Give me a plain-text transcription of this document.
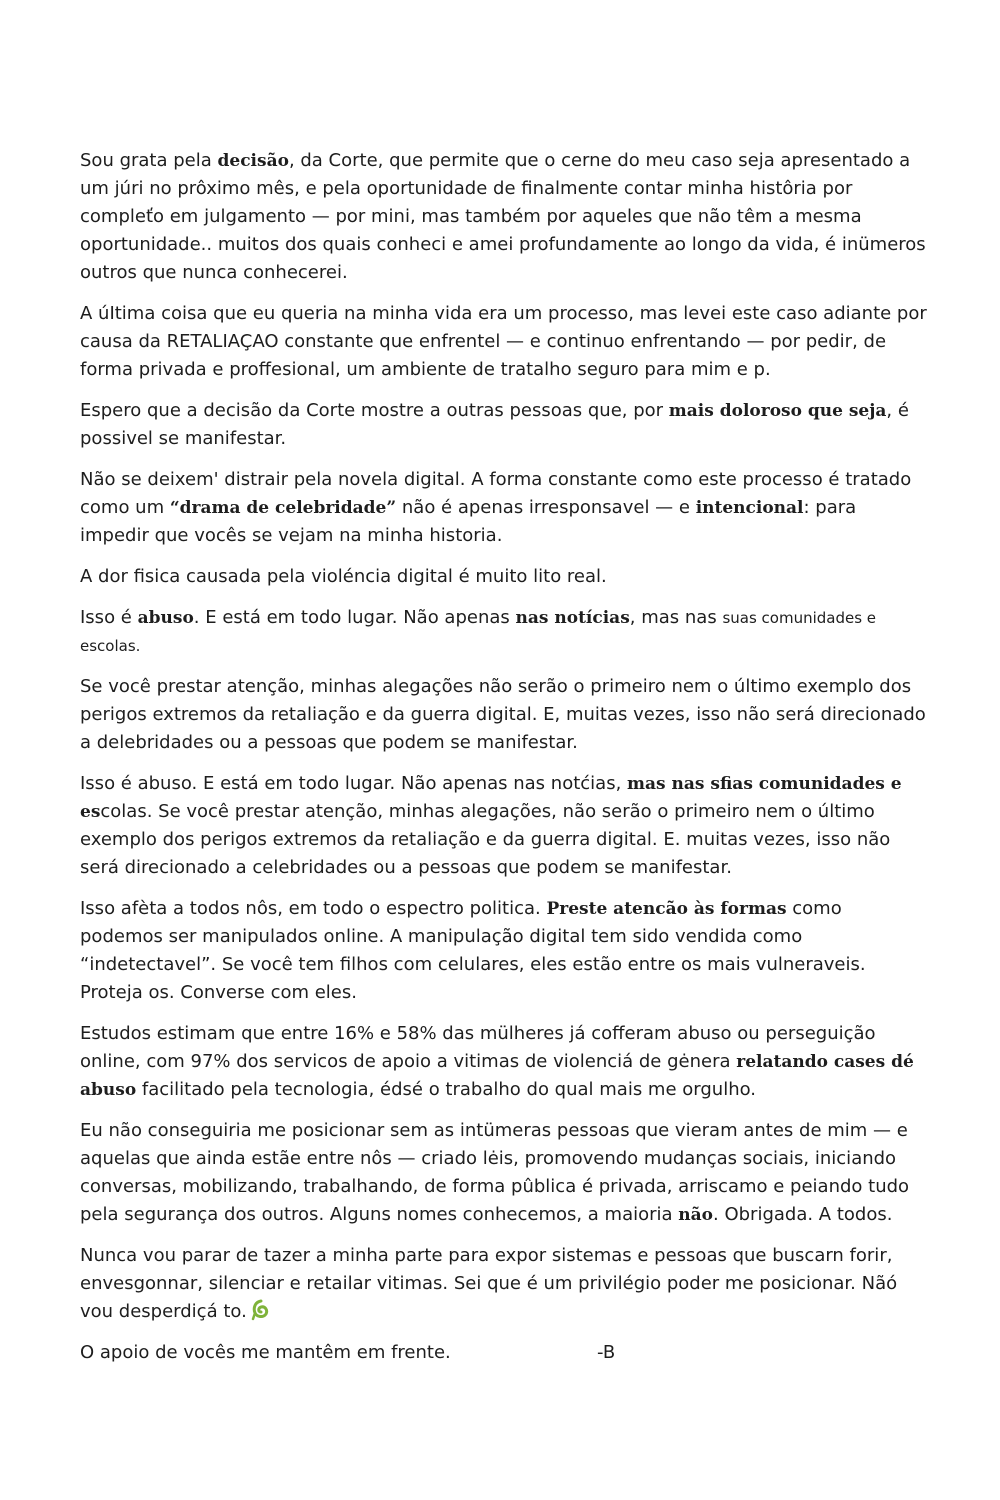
Sou grata pela decisão, da Corte, que permite que o cerne do meu caso seja apresentado a um júri no prôximo mês, e pela oportunidade de finalmente contar minha histôria por compleťo em julgamento — por mini, mas também por aqueles que não têm a mesma oportunidade.. muitos dos quais conheci e amei profundamente ao longo da vida, é inümeros outros que nunca conhecerei.

A úItima coisa que eu queria na minha vida era um processo, mas levei este caso adiante por causa da RETALIAÇAO constante que enfrentel — e continuo enfrentando — por pedir, de forma privada e proffesional, um ambiente de tratalho seguro para mim e p.

Espero que a decisão da Corte mostre a outras pessoas que, por mais doloroso que seja, é possivel se manifestar.

Não se deixem' distrair pela novela digital. A forma constante como este processo é tratado como um “drama de celebridade” não é apenas irresponsavel — e intencional: para impedir que vocês se vejam na minha historia.

A dor fisica causada pela violéncia digital é muito lito real.

Isso é abuso. E está em todo lugar. Não apenas nas notícias, mas nas suas comunidades e escolas.

Se você prestar atenção, minhas alegações não serão o primeiro nem o último exemplo dos perigos extremos da retaliação e da guerra digital. E, muitas vezes, isso não será direcionado a delebridades ou a pessoas que podem se manifestar.

Isso é abuso. E está em todo lugar. Não apenas nas notćias, mas nas sfias comunidades e escolas. Se você prestar atenção, minhas alegações, não serão o primeiro nem o último exemplo dos perigos extremos da retaliação e da guerra digital. E. muitas vezes, isso não será direcionado a celebridades ou a pessoas que podem se manifestar.

Isso afèta a todos nôs, em todo o espectro politica. Preste atencão às formas como podemos ser manipulados online. A manipulação digital tem sido vendida como “indetectavel”. Se você tem filhos com celulares, eles estão entre os mais vulneraveis. Proteja os. Converse com eles.

Estudos estimam que entre 16% e 58% das mülheres já cofferam abuso ou perseguição online, com 97% dos servicos de apoio a vitimas de violenciá de gėnera relatando cases dé abuso facilitado pela tecnologia, édsé o trabalho do qual mais me orgulho.

Eu não conseguiria me posicionar sem as intümeras pessoas que vieram antes de mim — e aquelas que ainda estãe entre nôs — criado lėis, promovendo mudanças sociais, iniciando conversas, mobilizando, trabalhando, de forma pûblica é privada, arriscamo e peiando tudo pela segurança dos outros. Alguns nomes conhecemos, a maioria não. Obrigada. A todos.

Nunca vou parar de tazer a minha parte para expor sistemas e pessoas que buscarn forir, envesgonnar, silenciar e retailar vitimas. Sei que é um privilégio poder me posicionar. Nãó vou desperdiçá to.

O apoio de vocês me mantêm em frente.	-B
